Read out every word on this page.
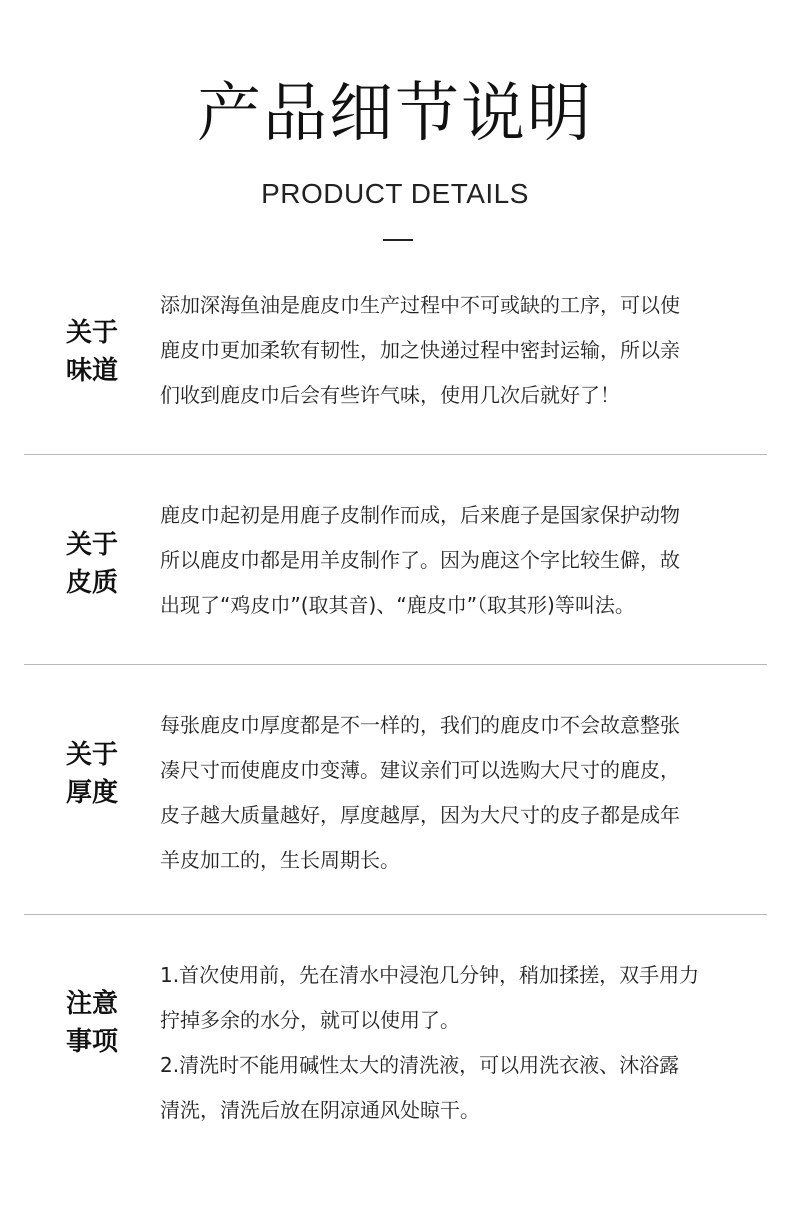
产品细节说明
PRODUCT DETAILS
关于
味道
添加深海鱼油是鹿皮巾生产过程中不可或缺的工序，可以使
鹿皮巾更加柔软有韧性，加之快递过程中密封运输，所以亲
们收到鹿皮巾后会有些许气味，使用几次后就好了！
关于
皮质
鹿皮巾起初是用鹿子皮制作而成，后来鹿子是国家保护动物
所以鹿皮巾都是用羊皮制作了。因为鹿这个字比较生僻，故
出现了“鸡皮巾”(取其音)、“鹿皮巾”（取其形)等叫法。
关于
厚度
每张鹿皮巾厚度都是不一样的，我们的鹿皮巾不会故意整张
凑尺寸而使鹿皮巾变薄。建议亲们可以选购大尺寸的鹿皮，
皮子越大质量越好，厚度越厚，因为大尺寸的皮子都是成年
羊皮加工的，生长周期长。
注意
事项
1.首次使用前，先在清水中浸泡几分钟，稍加揉搓，双手用力
拧掉多余的水分，就可以使用了。
2.清洗时不能用碱性太大的清洗液，可以用洗衣液、沐浴露
清洗，清洗后放在阴凉通风处晾干。
